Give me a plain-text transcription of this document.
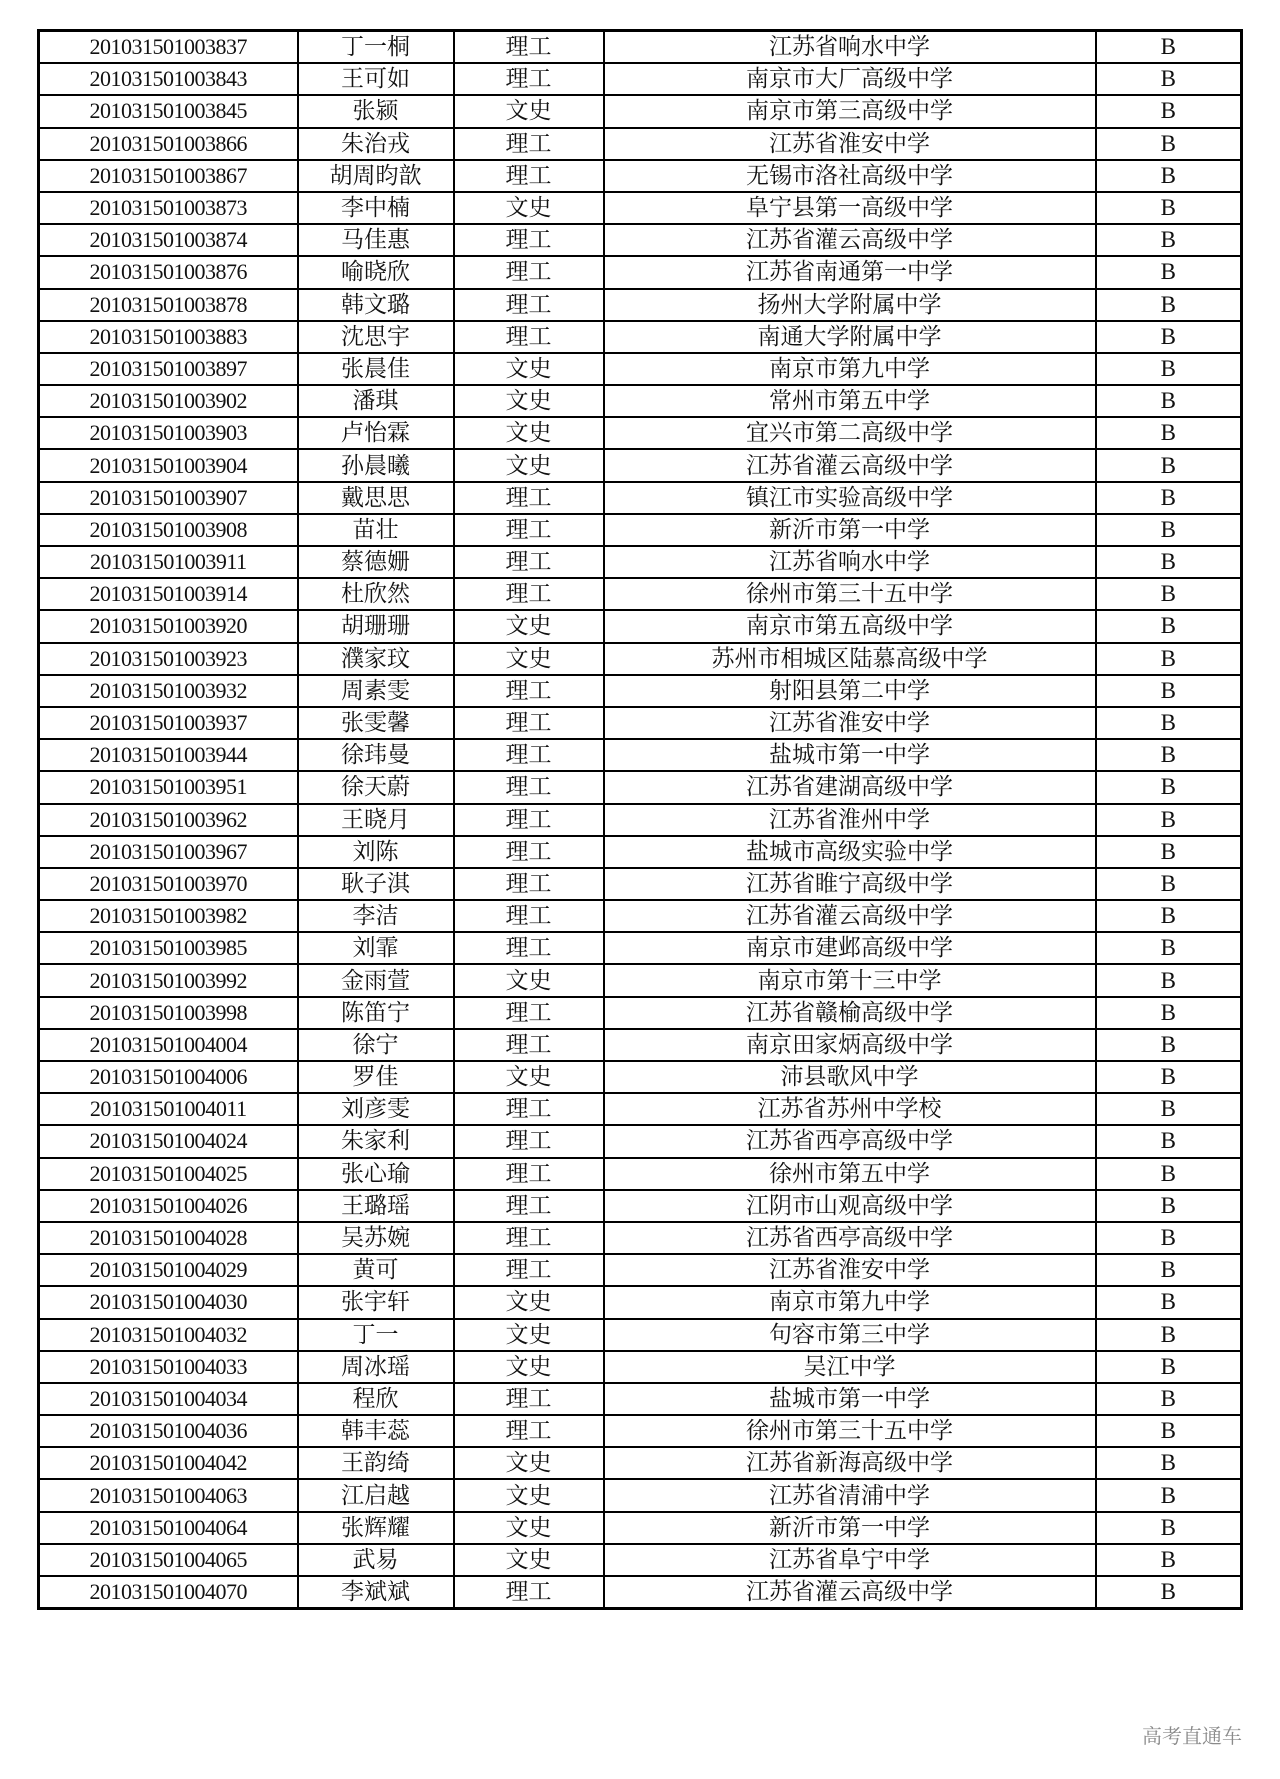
201031501003837	丁一桐	理工	江苏省响水中学	B
201031501003843	王可如	理工	南京市大厂高级中学	B
201031501003845	张颍	文史	南京市第三高级中学	B
201031501003866	朱治戎	理工	江苏省淮安中学	B
201031501003867	胡周昀歆	理工	无锡市洛社高级中学	B
201031501003873	李中楠	文史	阜宁县第一高级中学	B
201031501003874	马佳惠	理工	江苏省灌云高级中学	B
201031501003876	喻晓欣	理工	江苏省南通第一中学	B
201031501003878	韩文璐	理工	扬州大学附属中学	B
201031501003883	沈思宇	理工	南通大学附属中学	B
201031501003897	张晨佳	文史	南京市第九中学	B
201031501003902	潘琪	文史	常州市第五中学	B
201031501003903	卢怡霖	文史	宜兴市第二高级中学	B
201031501003904	孙晨曦	文史	江苏省灌云高级中学	B
201031501003907	戴思思	理工	镇江市实验高级中学	B
201031501003908	苗壮	理工	新沂市第一中学	B
201031501003911	蔡德姗	理工	江苏省响水中学	B
201031501003914	杜欣然	理工	徐州市第三十五中学	B
201031501003920	胡珊珊	文史	南京市第五高级中学	B
201031501003923	濮家玟	文史	苏州市相城区陆慕高级中学	B
201031501003932	周素雯	理工	射阳县第二中学	B
201031501003937	张雯馨	理工	江苏省淮安中学	B
201031501003944	徐玮曼	理工	盐城市第一中学	B
201031501003951	徐天蔚	理工	江苏省建湖高级中学	B
201031501003962	王晓月	理工	江苏省淮州中学	B
201031501003967	刘陈	理工	盐城市高级实验中学	B
201031501003970	耿子淇	理工	江苏省睢宁高级中学	B
201031501003982	李洁	理工	江苏省灌云高级中学	B
201031501003985	刘霏	理工	南京市建邺高级中学	B
201031501003992	金雨萱	文史	南京市第十三中学	B
201031501003998	陈笛宁	理工	江苏省赣榆高级中学	B
201031501004004	徐宁	理工	南京田家炳高级中学	B
201031501004006	罗佳	文史	沛县歌风中学	B
201031501004011	刘彦雯	理工	江苏省苏州中学校	B
201031501004024	朱家利	理工	江苏省西亭高级中学	B
201031501004025	张心瑜	理工	徐州市第五中学	B
201031501004026	王璐瑶	理工	江阴市山观高级中学	B
201031501004028	吴苏婉	理工	江苏省西亭高级中学	B
201031501004029	黄可	理工	江苏省淮安中学	B
201031501004030	张宇轩	文史	南京市第九中学	B
201031501004032	丁一	文史	句容市第三中学	B
201031501004033	周冰瑶	文史	吴江中学	B
201031501004034	程欣	理工	盐城市第一中学	B
201031501004036	韩丰蕊	理工	徐州市第三十五中学	B
201031501004042	王韵绮	文史	江苏省新海高级中学	B
201031501004063	江启越	文史	江苏省清浦中学	B
201031501004064	张辉耀	文史	新沂市第一中学	B
201031501004065	武易	文史	江苏省阜宁中学	B
201031501004070	李斌斌	理工	江苏省灌云高级中学	B
高考直通车
